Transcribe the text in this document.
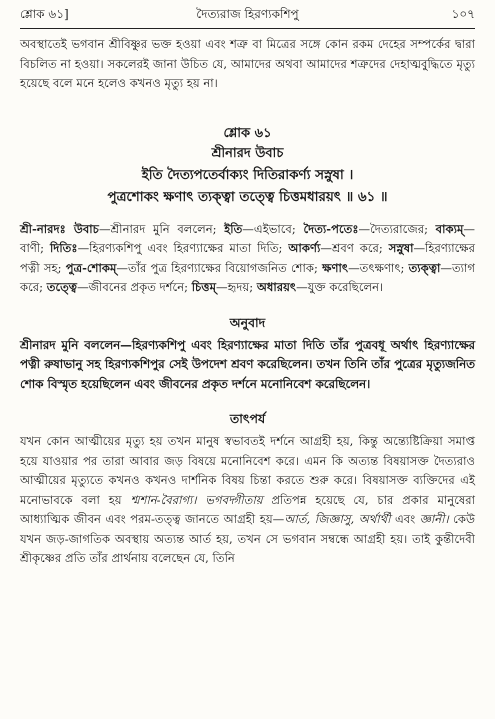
শ্লোক ৬১]	দৈত্যরাজ হিরণ্যকশিপু	১০৭

অবস্থাতেই ভগবান শ্রীবিষ্ণুর ভক্ত হওয়া এবং শত্রু বা মিত্রের সঙ্গে কোন রকম দেহের সম্পর্কের দ্বারা বিচলিত না হওয়া। সকলেরই জানা উচিত যে, আমাদের অথবা আমাদের শত্রুদের দেহাত্মবুদ্ধিতে মৃত্যু হয়েছে বলে মনে হলেও কখনও মৃত্যু হয় না।

শ্লোক ৬১
শ্রীনারদ উবাচ
ইতি দৈত্যপতের্বাক্যং দিতিরাকর্ণ্য সস্নুষা ।
পুত্রশোকং ক্ষণাৎ ত্যক্ত্বা তত্ত্বে চিত্তমধারয়ৎ ॥ ৬১ ॥
শ্রী-নারদঃ উবাচ—শ্রীনারদ মুনি বললেন; ইতি—এইভাবে; দৈত্য-পতেঃ—দৈত্যরাজের; বাক্যম্—বাণী; দিতিঃ—হিরণ্যকশিপু এবং হিরণ্যাক্ষের মাতা দিতি; আকর্ণ্য—শ্রবণ করে; সস্নুষা—হিরণ্যাক্ষের পত্নী সহ; পুত্র-শোকম্—তাঁর পুত্র হিরণ্যাক্ষের বিয়োগজনিত শোক; ক্ষণাৎ—তৎক্ষণাৎ; ত্যক্ত্বা—ত্যাগ করে; তত্ত্বে—জীবনের প্রকৃত দর্শনে; চিত্তম্—হৃদয়; অধারয়ৎ—যুক্ত করেছিলেন।
অনুবাদ

শ্রীনারদ মুনি বললেন—হিরণ্যকশিপু এবং হিরণ্যাক্ষের মাতা দিতি তাঁর পুত্রবধূ অর্থাৎ হিরণ্যাক্ষের পত্নী রুষাভানু সহ হিরণ্যকশিপুর সেই উপদেশ শ্রবণ করেছিলেন। তখন তিনি তাঁর পুত্রের মৃত্যুজনিত শোক বিস্মৃত হয়েছিলেন এবং জীবনের প্রকৃত দর্শনে মনোনিবেশ করেছিলেন।

তাৎপর্য

যখন কোন আত্মীয়ের মৃত্যু হয় তখন মানুষ স্বভাবতই দর্শনে আগ্রহী হয়, কিন্তু অন্ত্যেষ্টিক্রিয়া সমাপ্ত হয়ে যাওয়ার পর তারা আবার জড় বিষয়ে মনোনিবেশ করে। এমন কি অত্যন্ত বিষয়াসক্ত দৈত্যরাও আত্মীয়ের মৃত্যুতে কখনও কখনও দার্শনিক বিষয় চিন্তা করতে শুরু করে। বিষয়াসক্ত ব্যক্তিদের এই মনোভাবকে বলা হয় শ্মশান-বৈরাগ্য। ভগবদ্গীতায় প্রতিপন্ন হয়েছে যে, চার প্রকার মানুষেরা আধ্যাত্মিক জীবন এবং পরম-তত্ত্ব জানতে আগ্রহী হয়—আর্ত, জিজ্ঞাসু, অর্থার্থী এবং জ্ঞানী। কেউ যখন জড়-জাগতিক অবস্থায় অত্যন্ত আর্ত হয়, তখন সে ভগবান সম্বন্ধে আগ্রহী হয়। তাই কুন্তীদেবী শ্রীকৃষ্ণের প্রতি তাঁর প্রার্থনায় বলেছেন যে, তিনি
